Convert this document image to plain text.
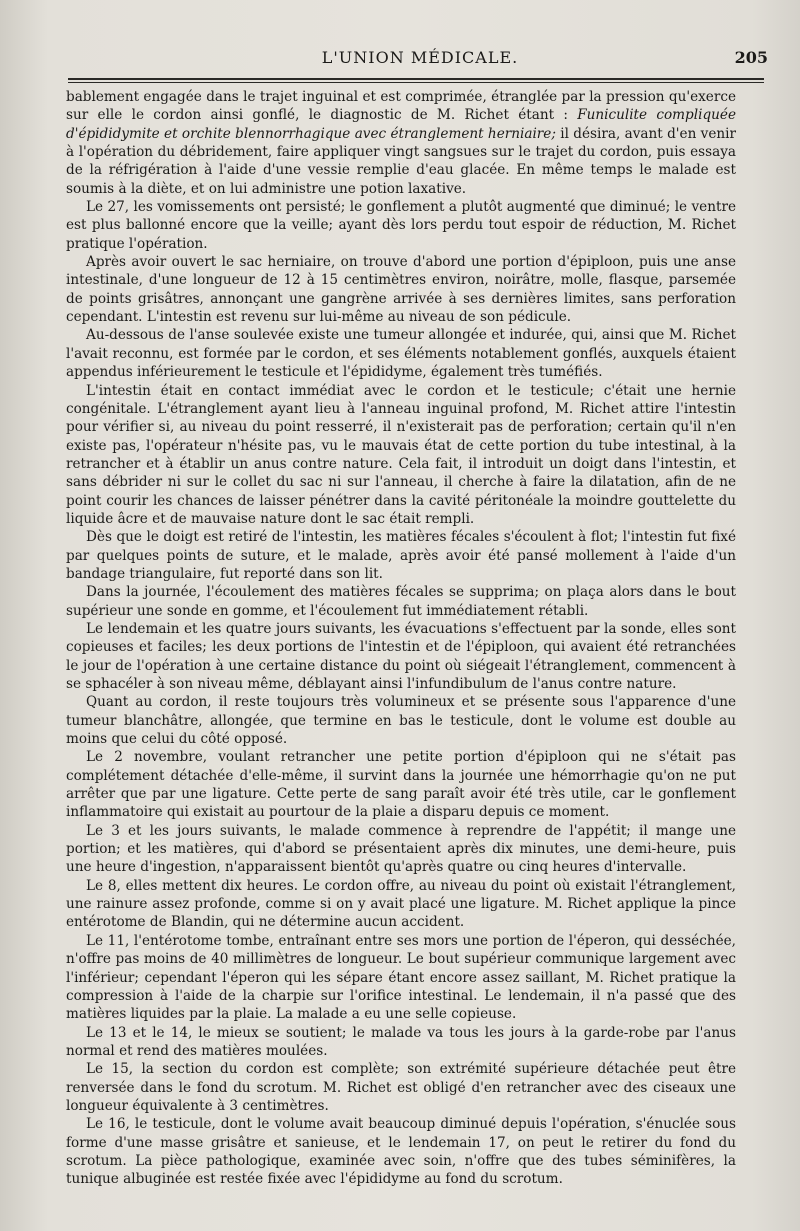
L'UNION MÉDICALE.	205

bablement engagée dans le trajet inguinal et est comprimée, étranglée par la pression qu'exerce sur elle le cordon ainsi gonflé, le diagnostic de M. Richet étant : Funiculite compliquée d'épididymite et orchite blennorrhagique avec étranglement herniaire; il désira, avant d'en venir à l'opération du débridement, faire appliquer vingt sangsues sur le trajet du cordon, puis essaya de la réfrigération à l'aide d'une vessie remplie d'eau glacée. En même temps le malade est soumis à la diète, et on lui administre une potion laxative.

Le 27, les vomissements ont persisté; le gonflement a plutôt augmenté que diminué; le ventre est plus ballonné encore que la veille; ayant dès lors perdu tout espoir de réduction, M. Richet pratique l'opération.

Après avoir ouvert le sac herniaire, on trouve d'abord une portion d'épiploon, puis une anse intestinale, d'une longueur de 12 à 15 centimètres environ, noirâtre, molle, flasque, parsemée de points grisâtres, annonçant une gangrène arrivée à ses dernières limites, sans perforation cependant. L'intestin est revenu sur lui-même au niveau de son pédicule.

Au-dessous de l'anse soulevée existe une tumeur allongée et indurée, qui, ainsi que M. Richet l'avait reconnu, est formée par le cordon, et ses éléments notablement gonflés, auxquels étaient appendus inférieurement le testicule et l'épididyme, également très tuméfiés.

L'intestin était en contact immédiat avec le cordon et le testicule; c'était une hernie congénitale. L'étranglement ayant lieu à l'anneau inguinal profond, M. Richet attire l'intestin pour vérifier si, au niveau du point resserré, il n'existerait pas de perforation; certain qu'il n'en existe pas, l'opérateur n'hésite pas, vu le mauvais état de cette portion du tube intestinal, à la retrancher et à établir un anus contre nature. Cela fait, il introduit un doigt dans l'intestin, et sans débrider ni sur le collet du sac ni sur l'anneau, il cherche à faire la dilatation, afin de ne point courir les chances de laisser pénétrer dans la cavité péritonéale la moindre gouttelette du liquide âcre et de mauvaise nature dont le sac était rempli.

Dès que le doigt est retiré de l'intestin, les matières fécales s'écoulent à flot; l'intestin fut fixé par quelques points de suture, et le malade, après avoir été pansé mollement à l'aide d'un bandage triangulaire, fut reporté dans son lit.

Dans la journée, l'écoulement des matières fécales se supprima; on plaça alors dans le bout supérieur une sonde en gomme, et l'écoulement fut immédiatement rétabli.

Le lendemain et les quatre jours suivants, les évacuations s'effectuent par la sonde, elles sont copieuses et faciles; les deux portions de l'intestin et de l'épiploon, qui avaient été retranchées le jour de l'opération à une certaine distance du point où siégeait l'étranglement, commencent à se sphacéler à son niveau même, déblayant ainsi l'infundibulum de l'anus contre nature.

Quant au cordon, il reste toujours très volumineux et se présente sous l'apparence d'une tumeur blanchâtre, allongée, que termine en bas le testicule, dont le volume est double au moins que celui du côté opposé.

Le 2 novembre, voulant retrancher une petite portion d'épiploon qui ne s'était pas complétement détachée d'elle-même, il survint dans la journée une hémorrhagie qu'on ne put arrêter que par une ligature. Cette perte de sang paraît avoir été très utile, car le gonflement inflammatoire qui existait au pourtour de la plaie a disparu depuis ce moment.

Le 3 et les jours suivants, le malade commence à reprendre de l'appétit; il mange une portion; et les matières, qui d'abord se présentaient après dix minutes, une demi-heure, puis une heure d'ingestion, n'apparaissent bientôt qu'après quatre ou cinq heures d'intervalle.

Le 8, elles mettent dix heures. Le cordon offre, au niveau du point où existait l'étranglement, une rainure assez profonde, comme si on y avait placé une ligature. M. Richet applique la pince entérotome de Blandin, qui ne détermine aucun accident.

Le 11, l'entérotome tombe, entraînant entre ses mors une portion de l'éperon, qui desséchée, n'offre pas moins de 40 millimètres de longueur. Le bout supérieur communique largement avec l'inférieur; cependant l'éperon qui les sépare étant encore assez saillant, M. Richet pratique la compression à l'aide de la charpie sur l'orifice intestinal. Le lendemain, il n'a passé que des matières liquides par la plaie. La malade a eu une selle copieuse.

Le 13 et le 14, le mieux se soutient; le malade va tous les jours à la garde-robe par l'anus normal et rend des matières moulées.

Le 15, la section du cordon est complète; son extrémité supérieure détachée peut être renversée dans le fond du scrotum. M. Richet est obligé d'en retrancher avec des ciseaux une longueur équivalente à 3 centimètres.

Le 16, le testicule, dont le volume avait beaucoup diminué depuis l'opération, s'énuclée sous forme d'une masse grisâtre et sanieuse, et le lendemain 17, on peut le retirer du fond du scrotum. La pièce pathologique, examinée avec soin, n'offre que des tubes séminifères, la tunique albuginée est restée fixée avec l'épididyme au fond du scrotum.
